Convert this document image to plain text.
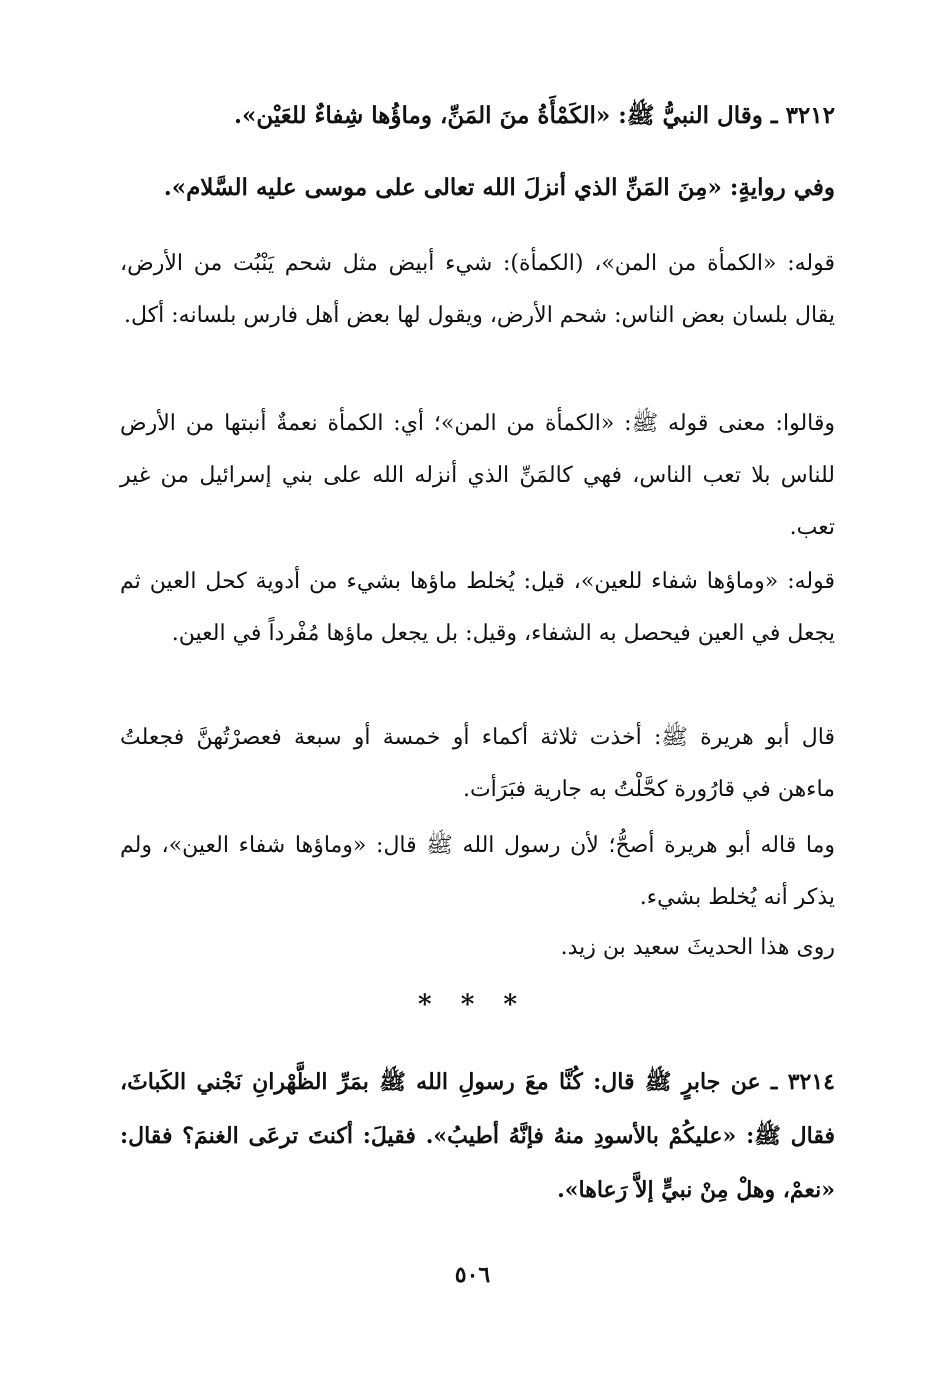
٣٢١٢ ـ وقال النبيُّ ﷺ: «الكَمْأَةُ منَ المَنِّ، وماؤُها شِفاءٌ للعَيْن».
وفي روايةٍ: «مِنَ المَنِّ الذي أنزلَ الله تعالى على موسى عليه السَّلام».
قوله: «الكمأة من المن»، (الكمأة): شيء أبيض مثل شحم يَنْبُت من الأرض، يقال بلسان بعض الناس: شحم الأرض، ويقول لها بعض أهل فارس بلسانه: أكل.
وقالوا: معنى قوله ﷺ: «الكمأة من المن»؛ أي: الكمأة نعمةٌ أنبتها من الأرض للناس بلا تعب الناس، فهي كالمَنِّ الذي أنزله الله على بني إسرائيل من غير تعب.
قوله: «وماؤها شفاء للعين»، قيل: يُخلط ماؤها بشيء من أدوية كحل العين ثم يجعل في العين فيحصل به الشفاء، وقيل: بل يجعل ماؤها مُفْرداً في العين.
قال أبو هريرة ﷺ: أخذت ثلاثة أكماء أو خمسة أو سبعة فعصرْتُهنَّ فجعلتُ ماءهن في قارُورة كحَّلْتُ به جارية فبَرَأت.
وما قاله أبو هريرة أصحُّ؛ لأن رسول الله ﷺ قال: «وماؤها شفاء العين»، ولم يذكر أنه يُخلط بشيء.
روى هذا الحديثَ سعيد بن زيد.
* * *
٣٢١٤ ـ عن جابرٍ ﷺ قال: كُنَّا معَ رسولِ الله ﷺ بمَرِّ الظَّهْرانِ نَجْني الكَباثَ، فقال ﷺ: «عليكُمْ بالأسودِ منهُ فإنَّهُ أطيبُ». فقيلَ: أكنتَ ترعَى الغنمَ؟ فقال: «نعمْ، وهلْ مِنْ نبيٍّ إلاَّ رَعاها».
٥٠٦
